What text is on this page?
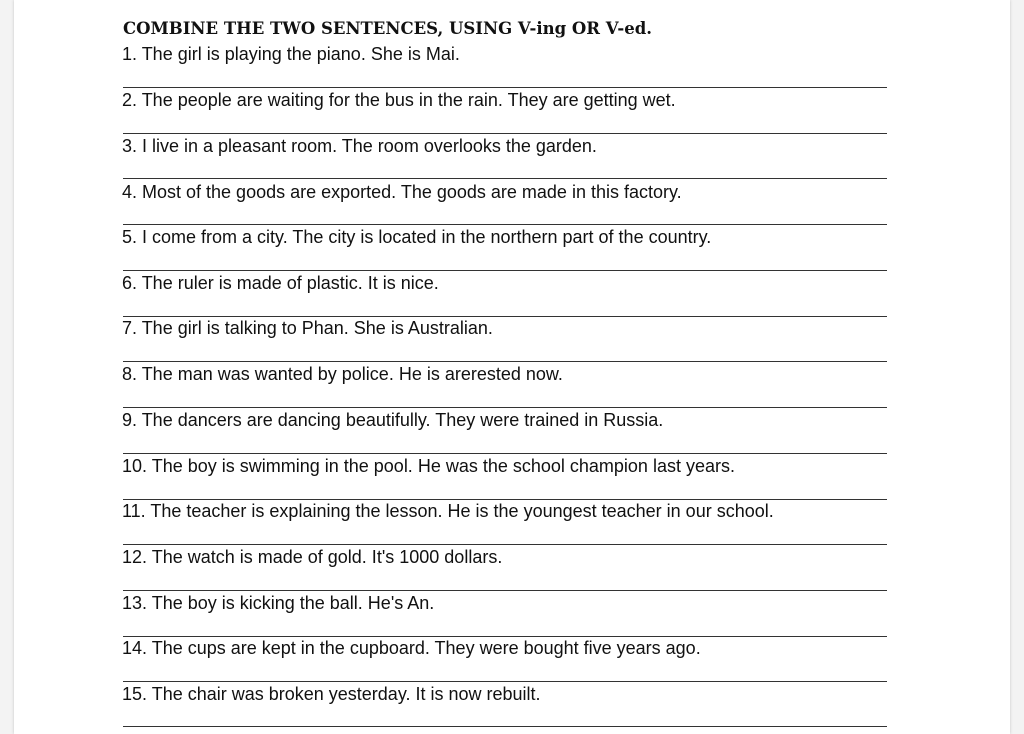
COMBINE THE TWO SENTENCES, USING V-ing OR V-ed.
1. The girl is playing the piano. She is Mai.
2. The people are waiting for the bus in the rain. They are getting wet.
3. I live in a pleasant room. The room overlooks the garden.
4. Most of the goods are exported. The goods are made in this factory.
5. I come from a city. The city is located in the northern part of the country.
6. The ruler is made of plastic. It is nice.
7. The girl is talking to Phan. She is Australian.
8. The man was wanted by police. He is arerested now.
9. The dancers are dancing beautifully. They were trained in Russia.
10. The boy is swimming in the pool. He was the school champion last years.
11. The teacher is explaining the lesson. He is the youngest teacher in our school.
12. The watch is made of gold. It's 1000 dollars.
13. The boy is kicking the ball. He's An.
14. The cups are kept in the cupboard. They were bought five years ago.
15. The chair was broken yesterday. It is now rebuilt.
